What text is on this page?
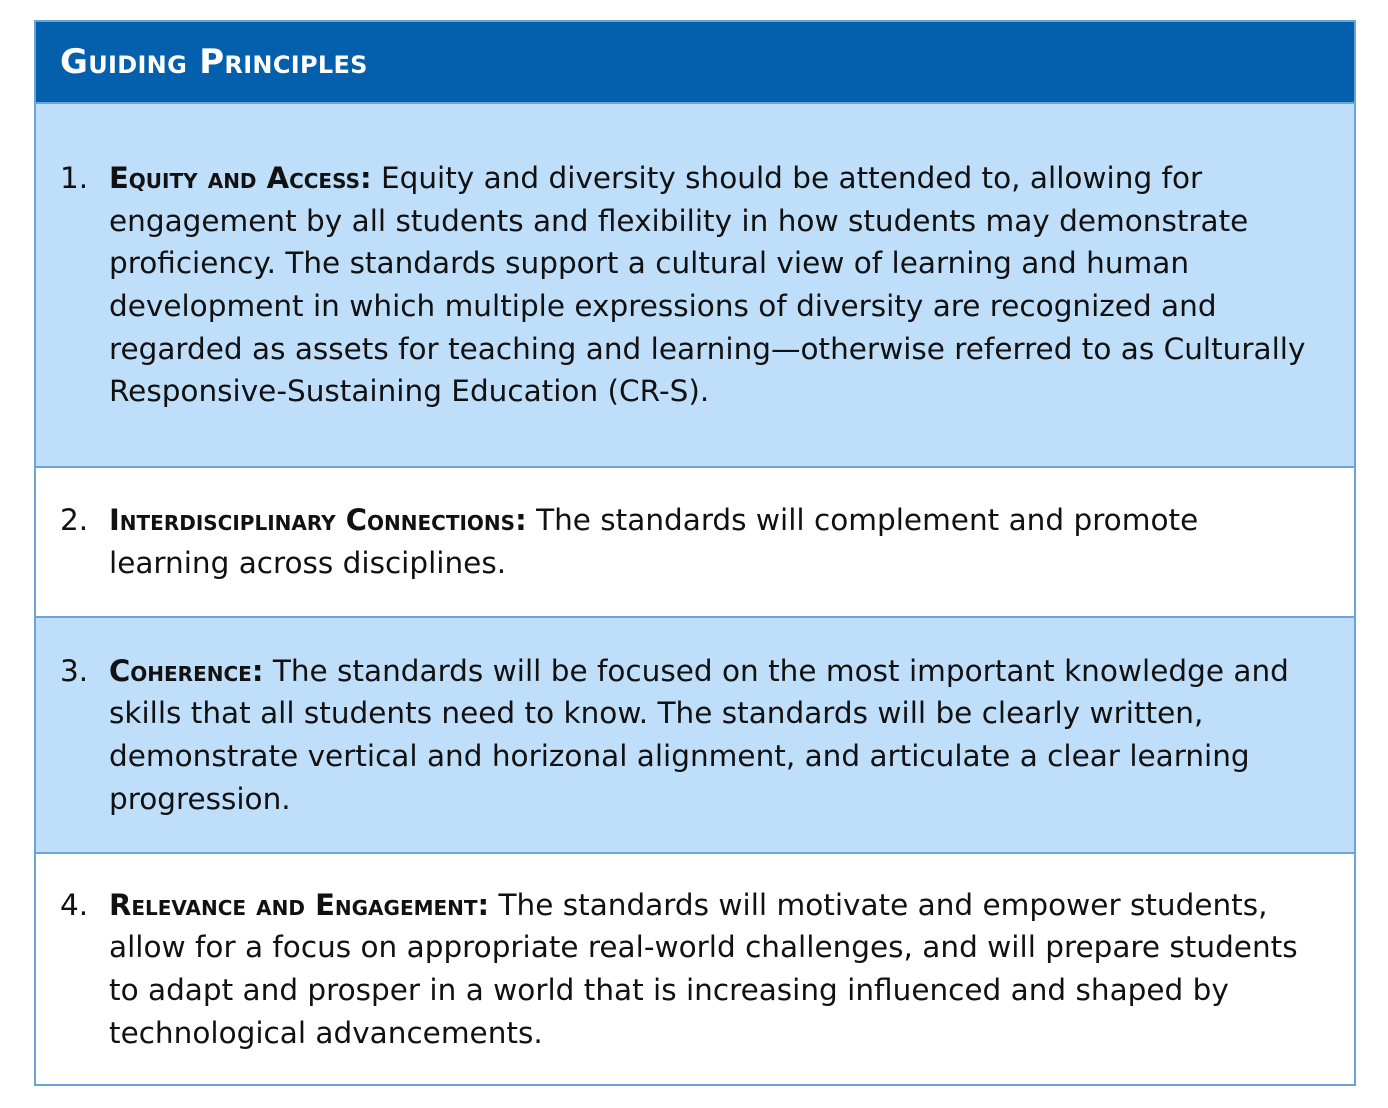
Guiding Principles
1. Equity and Access: Equity and diversity should be attended to, allowing for engagement by all students and flexibility in how students may demonstrate proficiency. The standards support a cultural view of learning and human development in which multiple expressions of diversity are recognized and regarded as assets for teaching and learning—otherwise referred to as Culturally Responsive-Sustaining Education (CR-S).
2. Interdisciplinary Connections: The standards will complement and promote learning across disciplines.
3. Coherence: The standards will be focused on the most important knowledge and skills that all students need to know. The standards will be clearly written, demonstrate vertical and horizonal alignment, and articulate a clear learning progression.
4. Relevance and Engagement: The standards will motivate and empower students, allow for a focus on appropriate real-world challenges, and will prepare students to adapt and prosper in a world that is increasing influenced and shaped by technological advancements.
